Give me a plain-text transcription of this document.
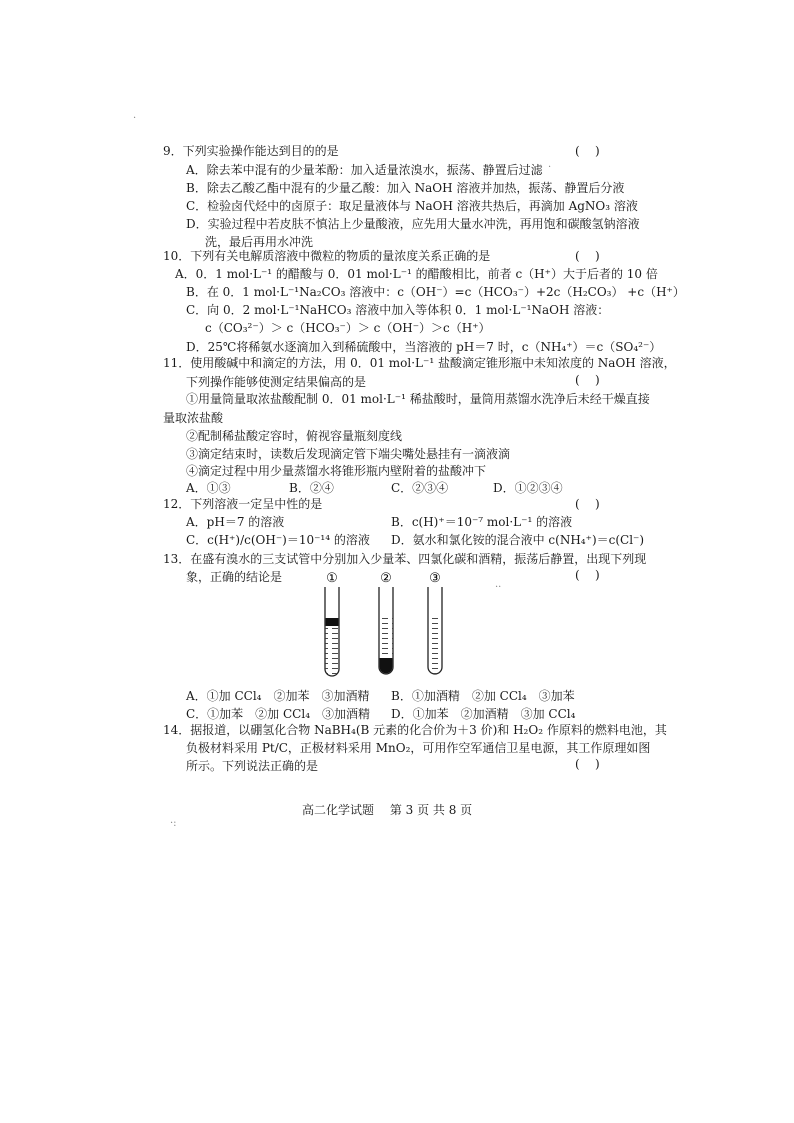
9．下列实验操作能达到目的的是	(    )
A．除去苯中混有的少量苯酚：加入适量浓溴水，振荡、静置后过滤
B．除去乙酸乙酯中混有的少量乙酸：加入 NaOH 溶液并加热，振荡、静置后分液
C．检验卤代烃中的卤原子：取足量液体与 NaOH 溶液共热后，再滴加 AgNO₃ 溶液
D．实验过程中若皮肤不慎沾上少量酸液，应先用大量水冲洗，再用饱和碳酸氢钠溶液
洗，最后再用水冲洗
10．下列有关电解质溶液中微粒的物质的量浓度关系正确的是	(    )
A．0．1 mol·L⁻¹ 的醋酸与 0．01 mol·L⁻¹ 的醋酸相比，前者 c（H⁺）大于后者的 10 倍
B．在 0．1 mol·L⁻¹Na₂CO₃ 溶液中：c（OH⁻）=c（HCO₃⁻）+2c（H₂CO₃） +c（H⁺）
C．向 0．2 mol·L⁻¹NaHCO₃ 溶液中加入等体积 0．1 mol·L⁻¹NaOH 溶液：
c（CO₃²⁻）＞ c（HCO₃⁻）＞ c（OH⁻）＞c（H⁺）
D．25℃将稀氨水逐滴加入到稀硫酸中，当溶液的 pH＝7 时，c（NH₄⁺）＝c（SO₄²⁻）
11．使用酸碱中和滴定的方法，用 0．01 mol·L⁻¹ 盐酸滴定锥形瓶中未知浓度的 NaOH 溶液，
下列操作能够使测定结果偏高的是	(    )
①用量筒量取浓盐酸配制 0．01 mol·L⁻¹ 稀盐酸时，量筒用蒸馏水洗净后未经干燥直接
量取浓盐酸
②配制稀盐酸定容时，俯视容量瓶刻度线
③滴定结束时，读数后发现滴定管下端尖嘴处悬挂有一滴液滴
④滴定过程中用少量蒸馏水将锥形瓶内壁附着的盐酸冲下
A．①③	B．②④	C．②③④	D．①②③④
12．下列溶液一定呈中性的是	(    )
A．pH＝7 的溶液	B．c(H)⁺＝10⁻⁷ mol·L⁻¹ 的溶液
C．c(H⁺)/c(OH⁻)＝10⁻¹⁴ 的溶液 D．氨水和氯化铵的混合液中 c(NH₄⁺)＝c(Cl⁻)
13．在盛有溴水的三支试管中分别加入少量苯、四氯化碳和酒精，振荡后静置，出现下列现
象，正确的结论是	(    )
①	②	③
A．①加 CCl₄　②加苯　③加酒精 B．①加酒精　②加 CCl₄　③加苯
C．①加苯　②加 CCl₄　③加酒精 D．①加苯　②加酒精　③加 CCl₄
14．据报道，以硼氢化合物 NaBH₄(B 元素的化合价为＋3 价)和 H₂O₂ 作原料的燃料电池，其
负极材料采用 Pt/C，正极材料采用 MnO₂，可用作空军通信卫星电源，其工作原理如图
所示。下列说法正确的是	(    )
高二化学试题　 第 3 页 共 8 页
·
·
··
·:
